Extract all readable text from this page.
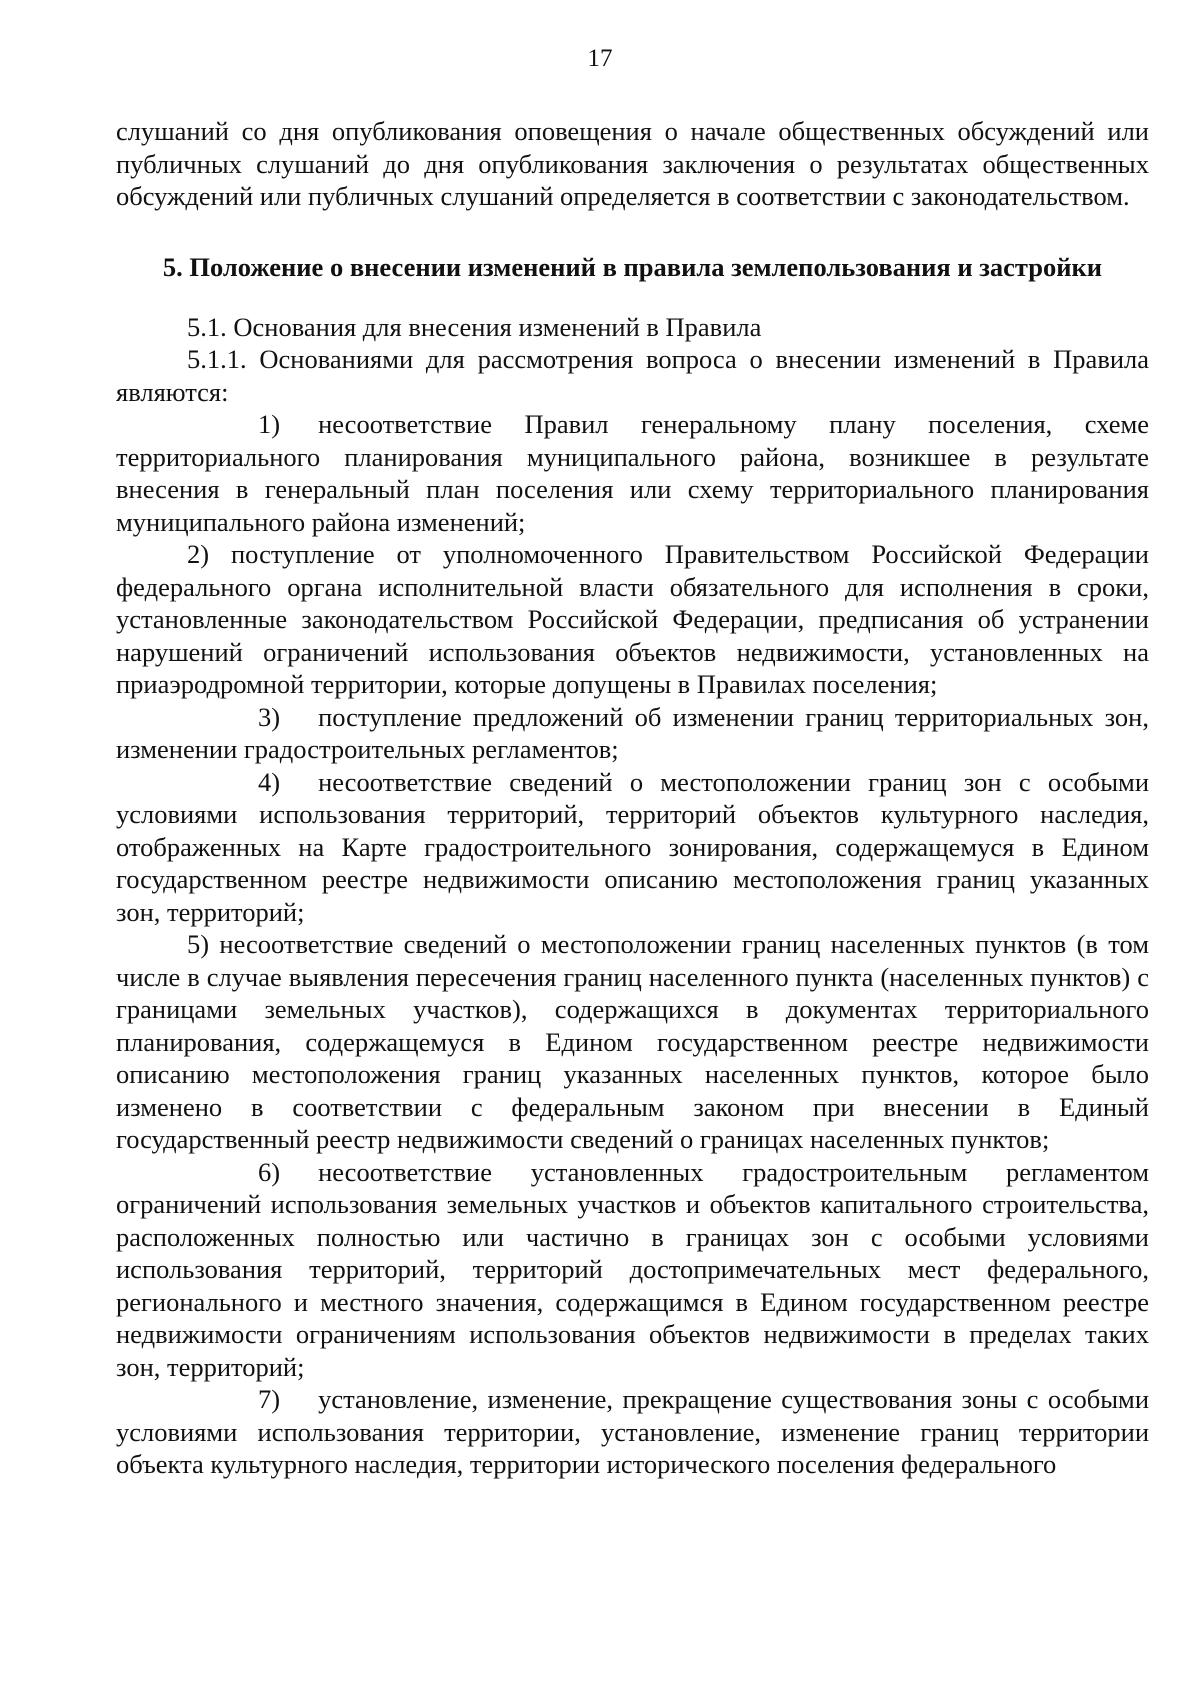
17

слушаний со дня опубликования оповещения о начале общественных обсуждений или публичных слушаний до дня опубликования заключения о результатах общественных обсуждений или публичных слушаний определяется в соответствии с законодательством.

5. Положение о внесении изменений в правила землепользования и застройки

5.1. Основания для внесения изменений в Правила

5.1.1. Основаниями для рассмотрения вопроса о внесении изменений в Правила являются:

1) несоответствие Правил генеральному плану поселения, схеме территориального планирования муниципального района, возникшее в результате внесения в генеральный план поселения или схему территориального планирования муниципального района изменений;

2) поступление от уполномоченного Правительством Российской Федерации федерального органа исполнительной власти обязательного для исполнения в сроки, установленные законодательством Российской Федерации, предписания об устранении нарушений ограничений использования объектов недвижимости, установленных на приаэродромной территории, которые допущены в Правилах поселения;

3) поступление предложений об изменении границ территориальных зон, изменении градостроительных регламентов;

4) несоответствие сведений о местоположении границ зон с особыми условиями использования территорий, территорий объектов культурного наследия, отображенных на Карте градостроительного зонирования, содержащемуся в Едином государственном реестре недвижимости описанию местоположения границ указанных зон, территорий;

5) несоответствие сведений о местоположении границ населенных пунктов (в том числе в случае выявления пересечения границ населенного пункта (населенных пунктов) с границами земельных участков), содержащихся в документах территориального планирования, содержащемуся в Едином государственном реестре недвижимости описанию местоположения границ указанных населенных пунктов, которое было изменено в соответствии с федеральным законом при внесении в Единый государственный реестр недвижимости сведений о границах населенных пунктов;

6) несоответствие установленных градостроительным регламентом ограничений использования земельных участков и объектов капитального строительства, расположенных полностью или частично в границах зон с особыми условиями использования территорий, территорий достопримечательных мест федерального, регионального и местного значения, содержащимся в Едином государственном реестре недвижимости ограничениям использования объектов недвижимости в пределах таких зон, территорий;

7) установление, изменение, прекращение существования зоны с особыми условиями использования территории, установление, изменение границ территории объекта культурного наследия, территории исторического поселения федерального
